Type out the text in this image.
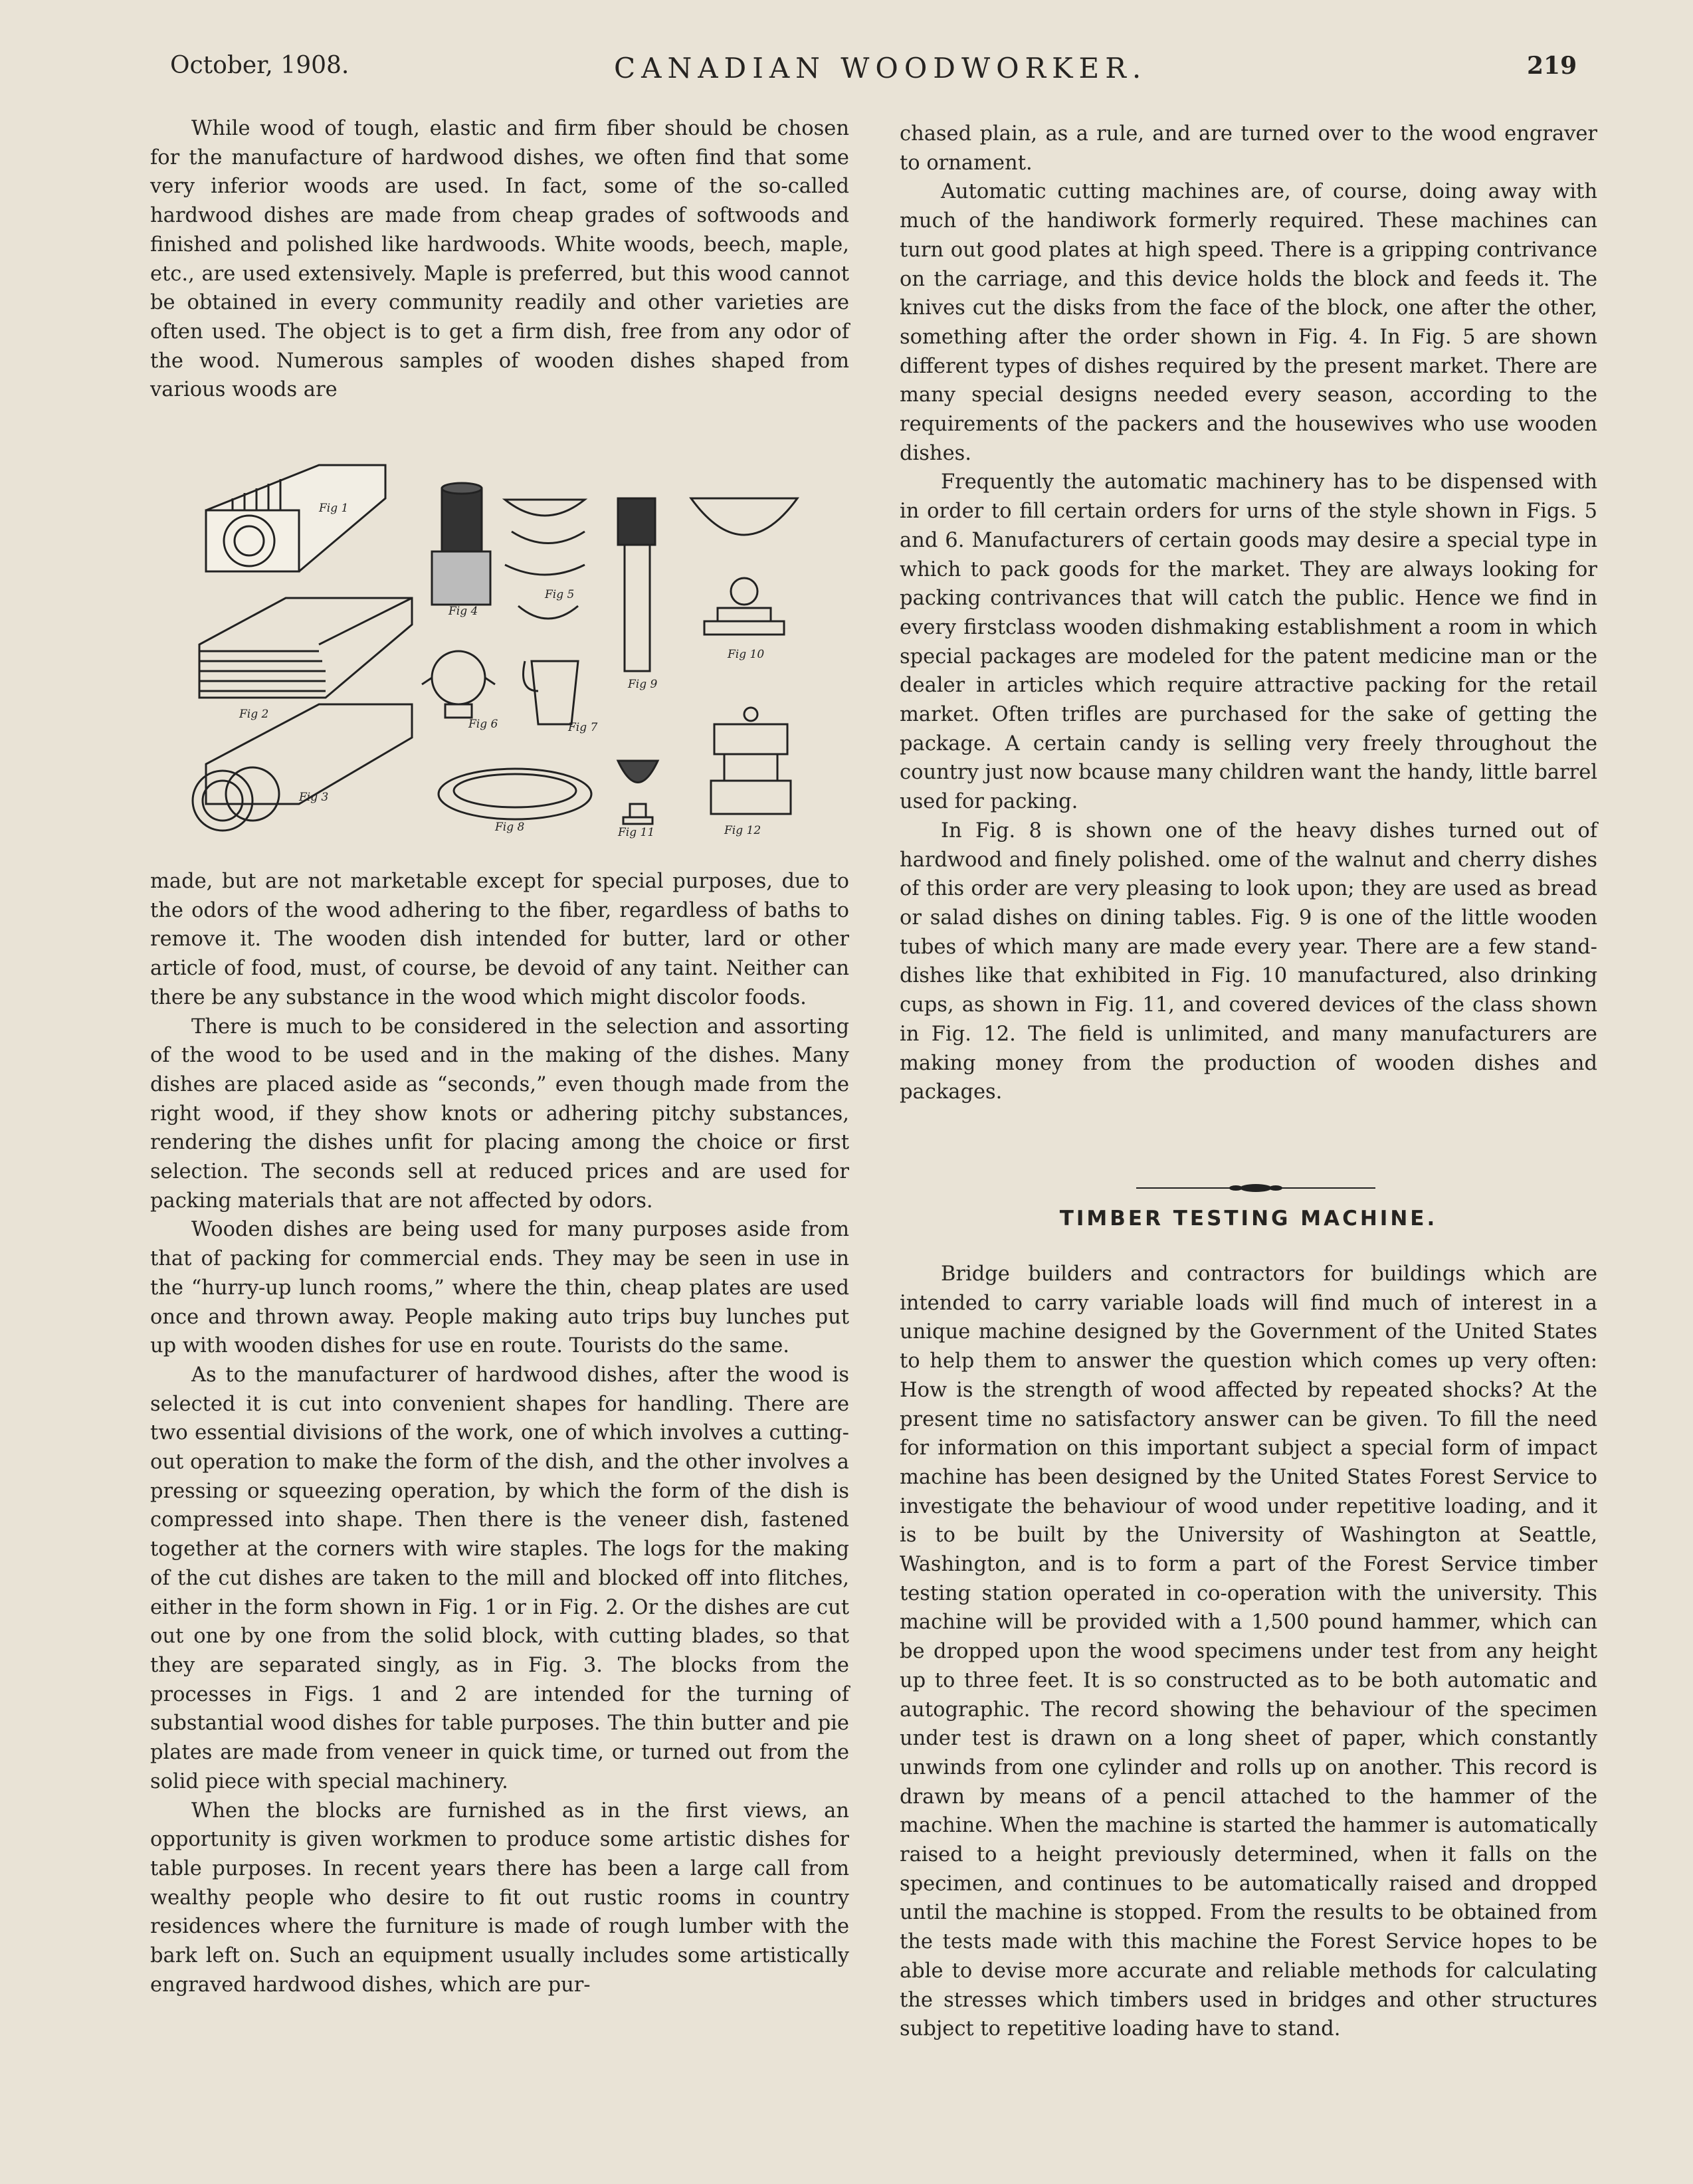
October, 1908.	CANADIAN WOODWORKER.	219

While wood of tough, elastic and firm fiber should be chosen for the manufacture of hardwood dishes, we often find that some very inferior woods are used. In fact, some of the so-called hardwood dishes are made from cheap grades of softwoods and finished and polished like hardwoods. White woods, beech, maple, etc., are used extensively. Maple is preferred, but this wood cannot be obtained in every community readily and other varieties are often used. The object is to get a firm dish, free from any odor of the wood. Numerous samples of wooden dishes shaped from various woods are

Fig 1
Fig 2
Fig 3
Fig 4
Fig 5
Fig 6	Fig 7
Fig 8
Fig 9
Fig 10
Fig 11	Fig 12

made, but are not marketable except for special purposes, due to the odors of the wood adhering to the fiber, regardless of baths to remove it. The wooden dish intended for butter, lard or other article of food, must, of course, be devoid of any taint. Neither can there be any substance in the wood which might discolor foods.

There is much to be considered in the selection and assorting of the wood to be used and in the making of the dishes. Many dishes are placed aside as “seconds,” even though made from the right wood, if they show knots or adhering pitchy substances, rendering the dishes unfit for placing among the choice or first selection. The seconds sell at reduced prices and are used for packing materials that are not affected by odors.

Wooden dishes are being used for many purposes aside from that of packing for commercial ends. They may be seen in use in the “hurry-up lunch rooms,” where the thin, cheap plates are used once and thrown away. People making auto trips buy lunches put up with wooden dishes for use en route. Tourists do the same.

As to the manufacturer of hardwood dishes, after the wood is selected it is cut into convenient shapes for handling. There are two essential divisions of the work, one of which involves a cutting-out operation to make the form of the dish, and the other involves a pressing or squeezing operation, by which the form of the dish is compressed into shape. Then there is the veneer dish, fastened together at the corners with wire staples. The logs for the making of the cut dishes are taken to the mill and blocked off into flitches, either in the form shown in Fig. 1 or in Fig. 2. Or the dishes are cut out one by one from the solid block, with cutting blades, so that they are separated singly, as in Fig. 3. The blocks from the processes in Figs. 1 and 2 are intended for the turning of substantial wood dishes for table purposes. The thin butter and pie plates are made from veneer in quick time, or turned out from the solid piece with special machinery.

When the blocks are furnished as in the first views, an opportunity is given workmen to produce some artistic dishes for table purposes. In recent years there has been a large call from wealthy people who desire to fit out rustic rooms in country residences where the furniture is made of rough lumber with the bark left on. Such an equipment usually includes some artistically engraved hardwood dishes, which are pur-

chased plain, as a rule, and are turned over to the wood engraver to ornament.

Automatic cutting machines are, of course, doing away with much of the handiwork formerly required. These machines can turn out good plates at high speed. There is a gripping contrivance on the carriage, and this device holds the block and feeds it. The knives cut the disks from the face of the block, one after the other, something after the order shown in Fig. 4. In Fig. 5 are shown different types of dishes required by the present market. There are many special designs needed every season, according to the requirements of the packers and the housewives who use wooden dishes.

Frequently the automatic machinery has to be dispensed with in order to fill certain orders for urns of the style shown in Figs. 5 and 6. Manufacturers of certain goods may desire a special type in which to pack goods for the market. They are always looking for packing contrivances that will catch the public. Hence we find in every firstclass wooden dishmaking establishment a room in which special packages are modeled for the patent medicine man or the dealer in articles which require attractive packing for the retail market. Often trifles are purchased for the sake of getting the package. A certain candy is selling very freely throughout the country just now bcause many children want the handy, little barrel used for packing.

In Fig. 8 is shown one of the heavy dishes turned out of hardwood and finely polished. ome of the walnut and cherry dishes of this order are very pleasing to look upon; they are used as bread or salad dishes on dining tables. Fig. 9 is one of the little wooden tubes of which many are made every year. There are a few stand-dishes like that exhibited in Fig. 10 manufactured, also drinking cups, as shown in Fig. 11, and covered devices of the class shown in Fig. 12. The field is unlimited, and many manufacturers are making money from the production of wooden dishes and packages.

TIMBER TESTING MACHINE.

Bridge builders and contractors for buildings which are intended to carry variable loads will find much of interest in a unique machine designed by the Government of the United States to help them to answer the question which comes up very often: How is the strength of wood affected by repeated shocks? At the present time no satisfactory answer can be given. To fill the need for information on this important subject a special form of impact machine has been designed by the United States Forest Service to investigate the behaviour of wood under repetitive loading, and it is to be built by the University of Washington at Seattle, Washington, and is to form a part of the Forest Service timber testing station operated in co-operation with the university. This machine will be provided with a 1,500 pound hammer, which can be dropped upon the wood specimens under test from any height up to three feet. It is so constructed as to be both automatic and autographic. The record showing the behaviour of the specimen under test is drawn on a long sheet of paper, which constantly unwinds from one cylinder and rolls up on another. This record is drawn by means of a pencil attached to the hammer of the machine. When the machine is started the hammer is automatically raised to a height previously determined, when it falls on the specimen, and continues to be automatically raised and dropped until the machine is stopped. From the results to be obtained from the tests made with this machine the Forest Service hopes to be able to devise more accurate and reliable methods for calculating the stresses which timbers used in bridges and other structures subject to repetitive loading have to stand.
